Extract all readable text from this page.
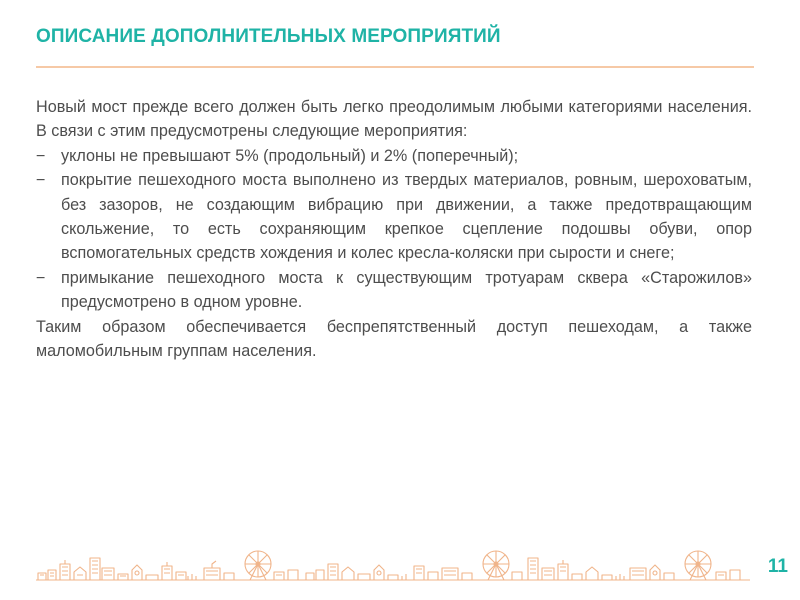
ОПИСАНИЕ ДОПОЛНИТЕЛЬНЫХ МЕРОПРИЯТИЙ

Новый мост прежде всего должен быть легко преодолимым любыми категориями населения. В связи с этим предусмотрены следующие мероприятия:

− уклоны не превышают 5% (продольный) и 2% (поперечный);
− покрытие пешеходного моста выполнено из твердых материалов, ровным, шероховатым, без зазоров, не создающим вибрацию при движении, а также предотвращающим скольжение, то есть сохраняющим крепкое сцепление подошвы обуви, опор вспомогательных средств хождения и колес кресла-коляски при сырости и снеге;
− примыкание пешеходного моста к существующим тротуарам сквера «Старожилов» предусмотрено в одном уровне.

Таким образом обеспечивается беспрепятственный доступ пешеходам, а также маломобильным группам населения.

11
